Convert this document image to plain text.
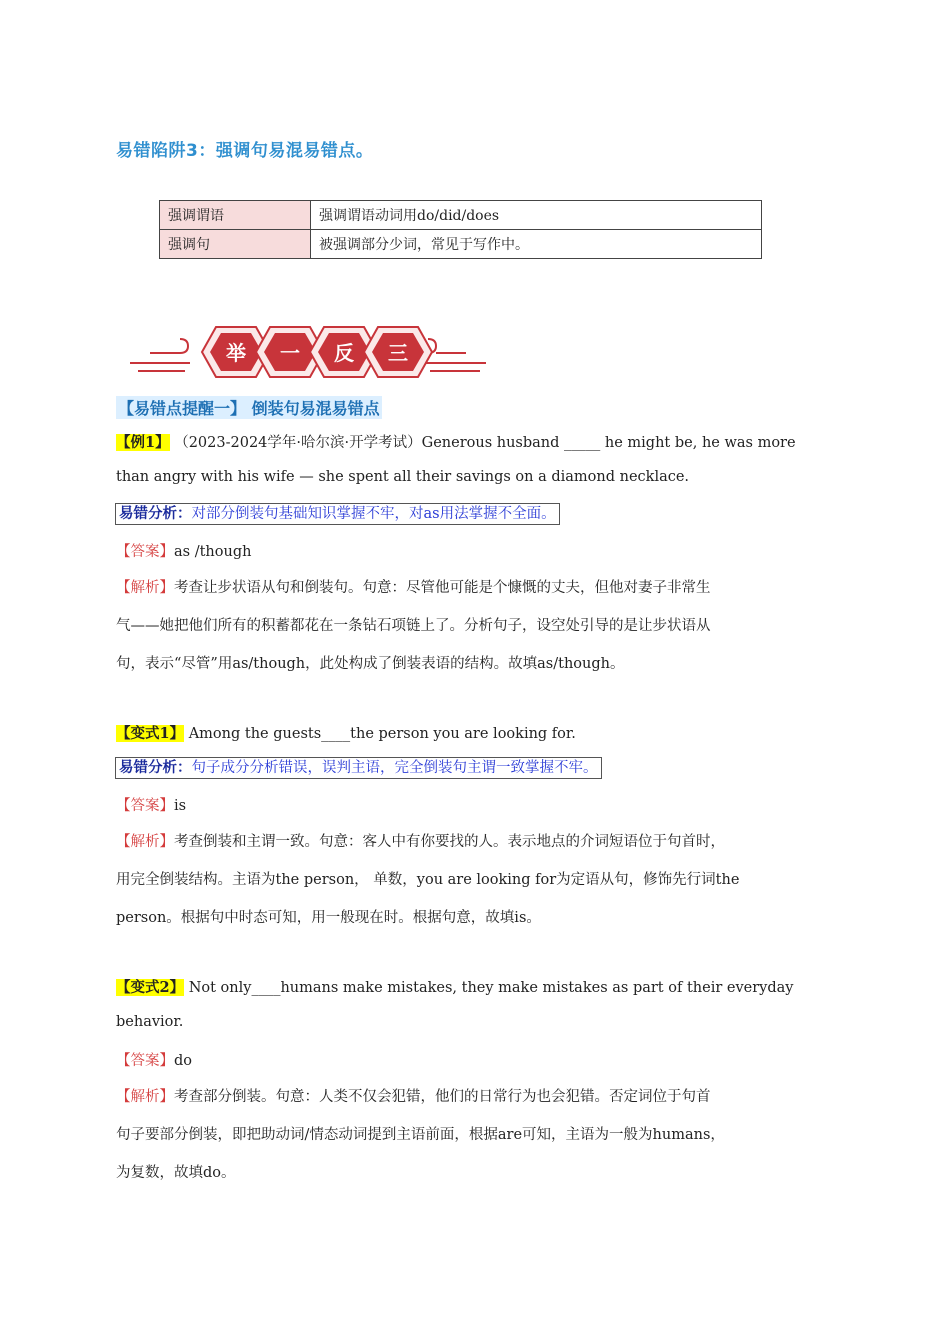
易错陷阱3：强调句易混易错点。
强调谓语	强调谓语动词用do/did/does
强调句	被强调部分少词，常见于写作中。
举 一 反 三
【易错点提醒一】 倒装句易混易错点
【例1】 （2023-2024学年·哈尔滨·开学考试）Generous husband _____ he might be, he was more
than angry with his wife — she spent all their savings on a diamond necklace.
易错分析：对部分倒装句基础知识掌握不牢，对as用法掌握不全面。
【答案】as /though
【解析】考查让步状语从句和倒装句。句意：尽管他可能是个慷慨的丈夫，但他对妻子非常生
气——她把他们所有的积蓄都花在一条钻石项链上了。分析句子，设空处引导的是让步状语从
句，表示“尽管”用as/though，此处构成了倒装表语的结构。故填as/though。
【变式1】 Among the guests____the person you are looking for.
易错分析：句子成分分析错误，误判主语，完全倒装句主谓一致掌握不牢。
【答案】is
【解析】考查倒装和主谓一致。句意：客人中有你要找的人。表示地点的介词短语位于句首时，
用完全倒装结构。主语为the person， 单数，you are looking for为定语从句，修饰先行词the
person。根据句中时态可知，用一般现在时。根据句意，故填is。
【变式2】 Not only____humans make mistakes, they make mistakes as part of their everyday
behavior.
【答案】do
【解析】考查部分倒装。句意：人类不仅会犯错，他们的日常行为也会犯错。否定词位于句首
句子要部分倒装，即把助动词/情态动词提到主语前面，根据are可知，主语为一般为humans，
为复数，故填do。
